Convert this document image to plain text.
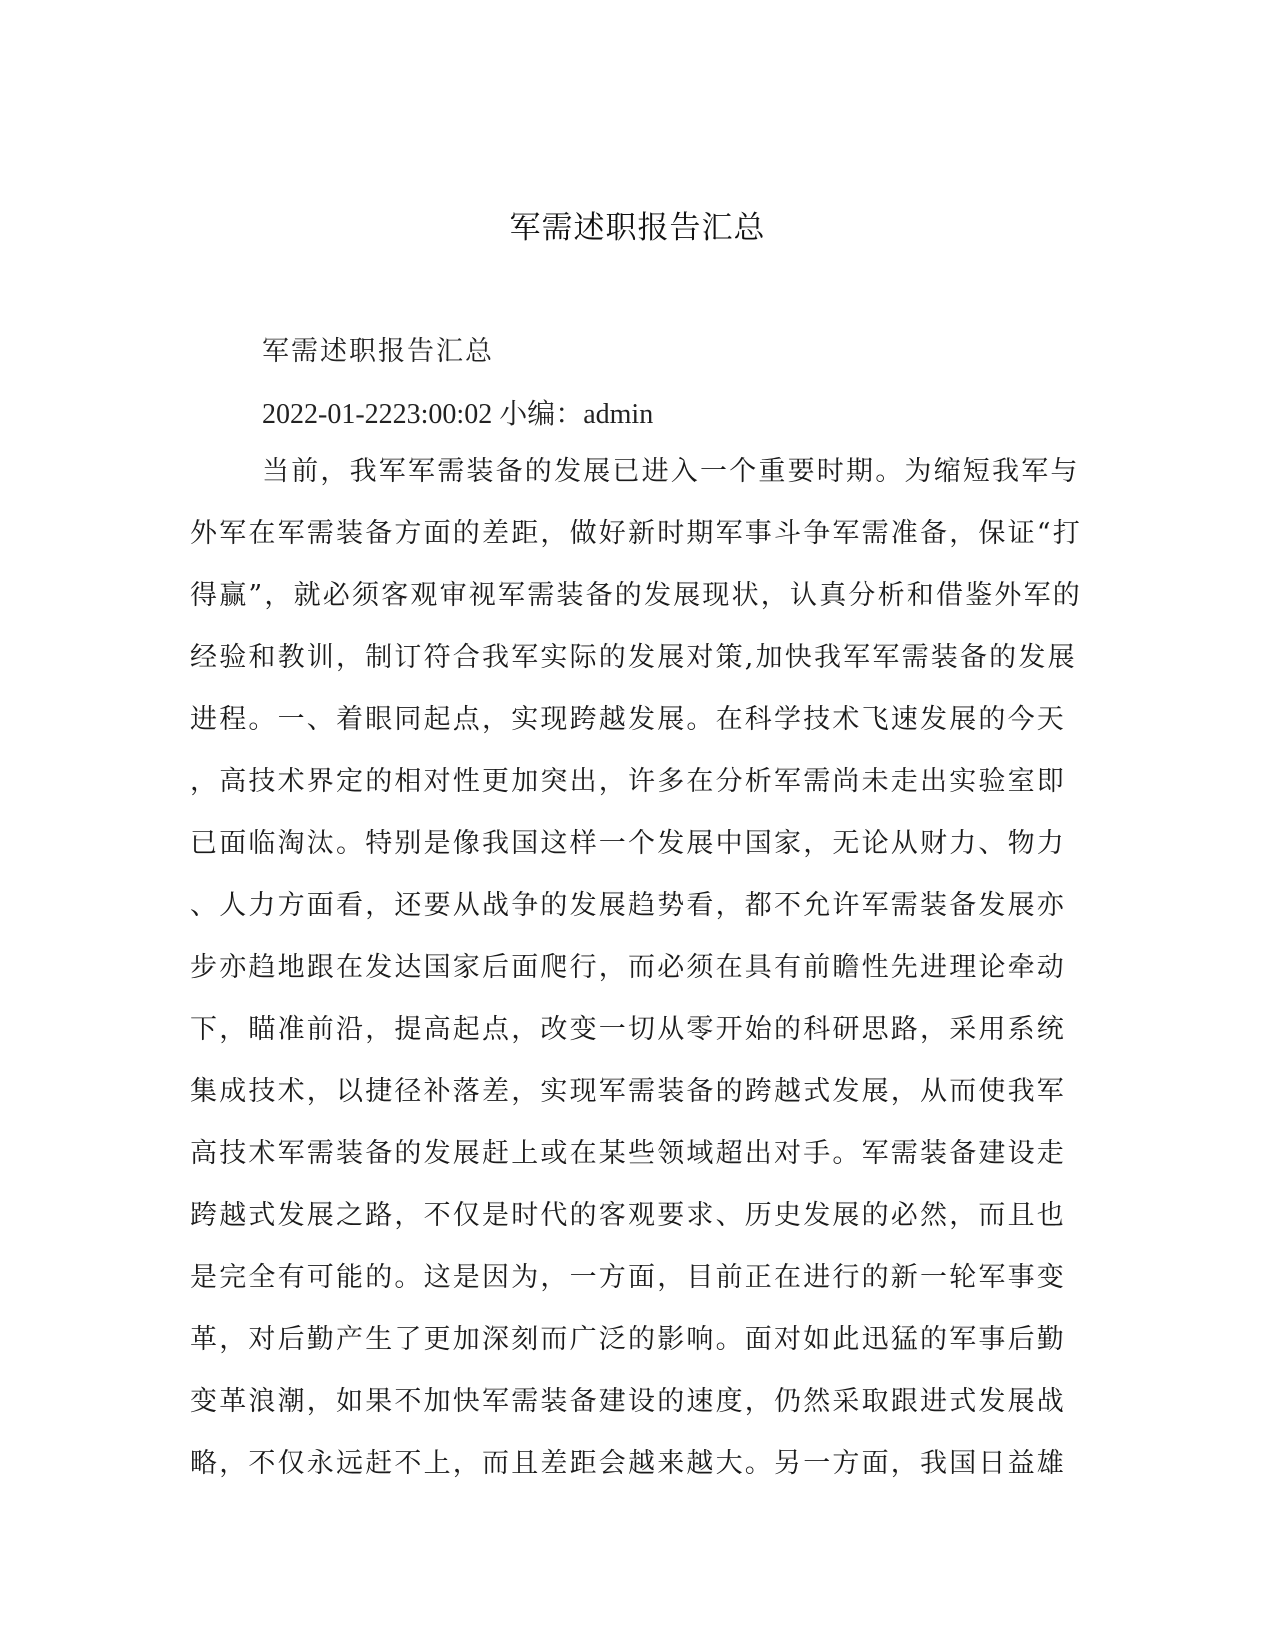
军需述职报告汇总
军需述职报告汇总
2022-01-2223:00:02 小编：admin
当前，我军军需装备的发展已进入一个重要时期。为缩短我军与
外军在军需装备方面的差距，做好新时期军事斗争军需准备，保证“打
得赢”，就必须客观审视军需装备的发展现状，认真分析和借鉴外军的
经验和教训，制订符合我军实际的发展对策,加快我军军需装备的发展
进程。一、着眼同起点，实现跨越发展。在科学技术飞速发展的今天
，高技术界定的相对性更加突出，许多在分析军需尚未走出实验室即
已面临淘汰。特别是像我国这样一个发展中国家，无论从财力、物力
、人力方面看，还要从战争的发展趋势看，都不允许军需装备发展亦
步亦趋地跟在发达国家后面爬行，而必须在具有前瞻性先进理论牵动
下，瞄准前沿，提高起点，改变一切从零开始的科研思路，采用系统
集成技术，以捷径补落差，实现军需装备的跨越式发展，从而使我军
高技术军需装备的发展赶上或在某些领域超出对手。军需装备建设走
跨越式发展之路，不仅是时代的客观要求、历史发展的必然，而且也
是完全有可能的。这是因为，一方面，目前正在进行的新一轮军事变
革，对后勤产生了更加深刻而广泛的影响。面对如此迅猛的军事后勤
变革浪潮，如果不加快军需装备建设的速度，仍然采取跟进式发展战
略，不仅永远赶不上，而且差距会越来越大。另一方面，我国日益雄
